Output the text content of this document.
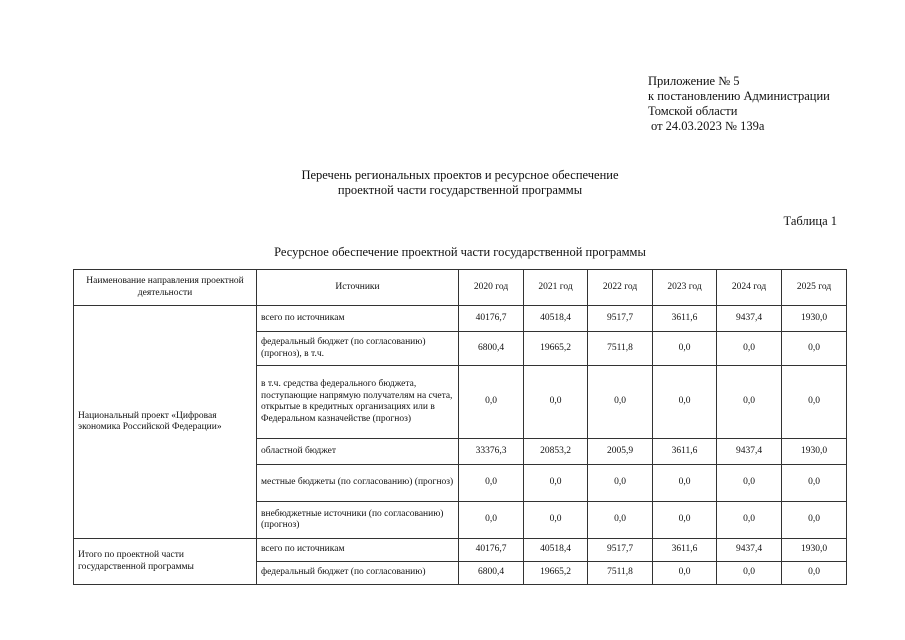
Приложение № 5
к постановлению Администрации
Томской области
от 24.03.2023 № 139а
Перечень региональных проектов и ресурсное обеспечение
проектной части государственной программы
Таблица 1
Ресурсное обеспечение проектной части государственной программы
Наименование направления проектной деятельности	Источники	2020 год	2021 год	2022 год	2023 год	2024 год	2025 год
Национальный проект «Цифровая экономика Российской Федерации»	всего по источникам	40176,7	40518,4	9517,7	3611,6	9437,4	1930,0
	федеральный бюджет (по согласованию) (прогноз), в т.ч.	6800,4	19665,2	7511,8	0,0	0,0	0,0
	в т.ч. средства федерального бюджета, поступающие напрямую получателям на счета, открытые в кредитных организациях или в Федеральном казначействе (прогноз)	0,0	0,0	0,0	0,0	0,0	0,0
	областной бюджет	33376,3	20853,2	2005,9	3611,6	9437,4	1930,0
	местные бюджеты (по согласованию) (прогноз)	0,0	0,0	0,0	0,0	0,0	0,0
	внебюджетные источники (по согласованию) (прогноз)	0,0	0,0	0,0	0,0	0,0	0,0
Итого по проектной части государственной программы	всего по источникам	40176,7	40518,4	9517,7	3611,6	9437,4	1930,0
	федеральный бюджет (по согласованию)	6800,4	19665,2	7511,8	0,0	0,0	0,0
